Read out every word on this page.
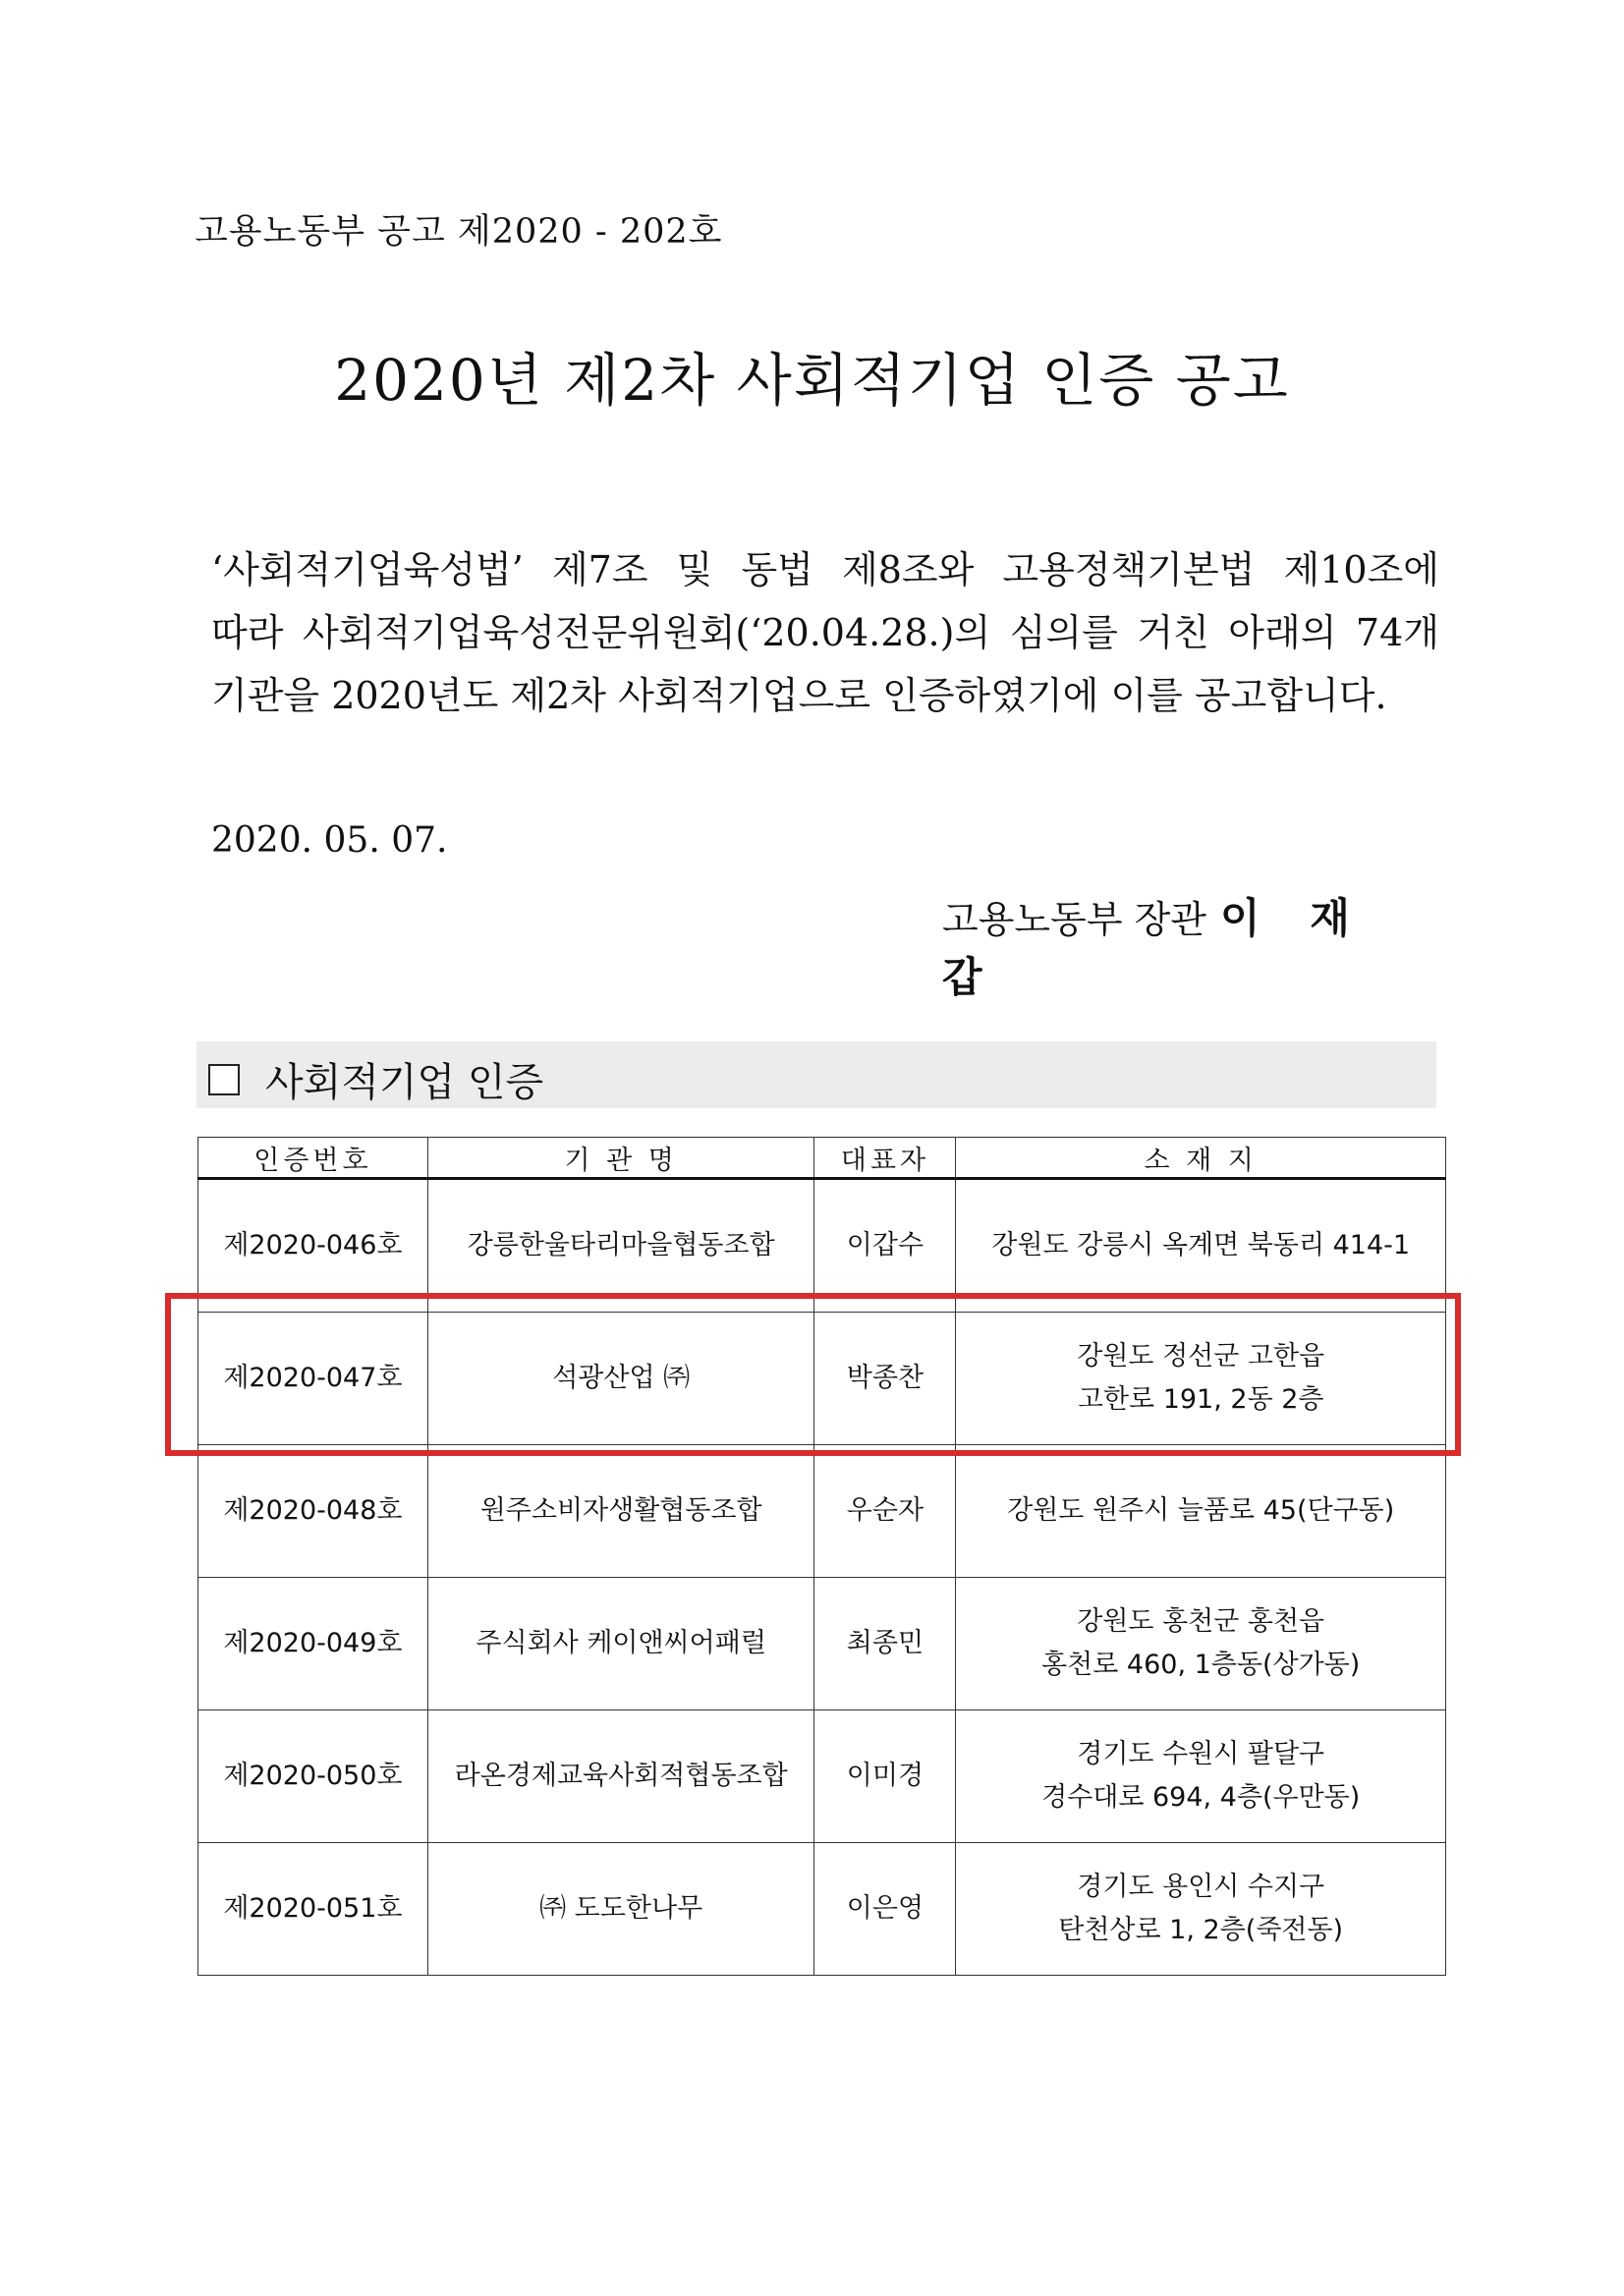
고용노동부 공고 제2020 - 202호
2020년 제2차 사회적기업 인증 공고
‘사회적기업육성법’ 제7조 및 동법 제8조와 고용정책기본법 제10조에
따라 사회적기업육성전문위원회(‘20.04.28.)의 심의를 거친 아래의 74개
기관을 2020년도 제2차 사회적기업으로 인증하였기에 이를 공고합니다.
2020. 05. 07.
고용노동부 장관 이 재 갑
사회적기업 인증
인증번호	기 관 명	대표자	소 재 지
제2020-046호	강릉한울타리마을협동조합	이갑수	강원도 강릉시 옥계면 북동리 414-1

제2020-047호	석광산업 ㈜	박종찬	강원도 정선군 고한읍
고한로 191, 2동 2층

제2020-048호	원주소비자생활협동조합	우순자	강원도 원주시 늘품로 45(단구동)

제2020-049호	주식회사 케이앤씨어패럴	최종민	강원도 홍천군 홍천읍
홍천로 460, 1층동(상가동)

제2020-050호	라온경제교육사회적협동조합	이미경	경기도 수원시 팔달구
경수대로 694, 4층(우만동)

제2020-051호	㈜ 도도한나무	이은영	경기도 용인시 수지구
탄천상로 1, 2층(죽전동)
